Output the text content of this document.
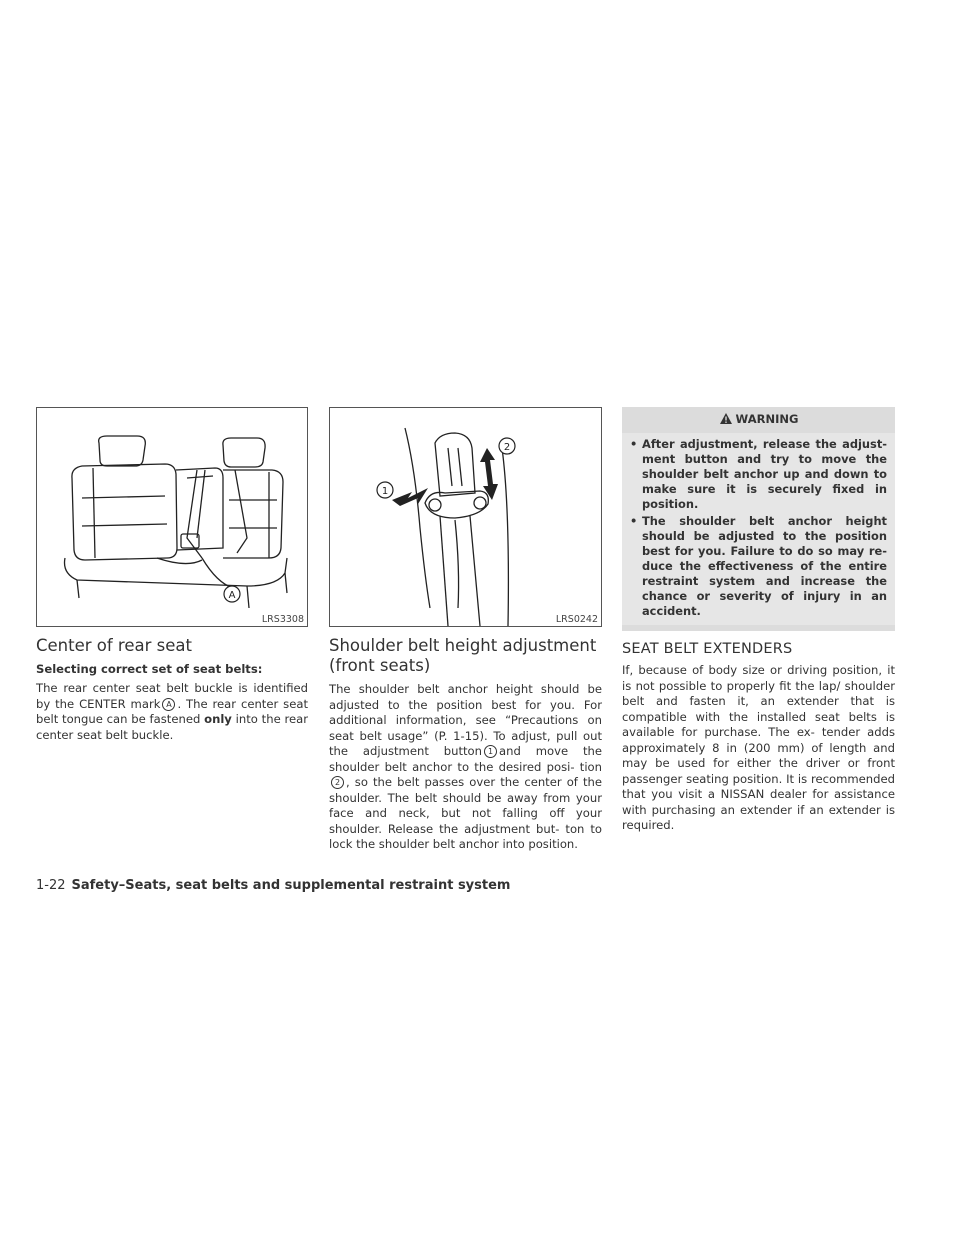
A
LRS3308
Center of rear seat
Selecting correct set of seat belts:

The rear center seat belt buckle is identified by the CENTER mark A . The rear center seat belt tongue can be fastened only into the rear center seat belt buckle.

1
2
LRS0242
Shoulder belt height adjustment (front seats)

The shoulder belt anchor height should be adjusted to the position best for you. For additional information, see “Precautions on seat belt usage” (P. 1-15). To adjust, pull out the adjustment button 1 and move the shoulder belt anchor to the desired posi- tion2 , so the belt passes over the center of the shoulder. The belt should be away from your face and neck, but not falling off your shoulder. Release the adjustment but- ton to lock the shoulder belt anchor into position.

WARNING
• After adjustment, release the adjust- ment button and try to move the shoulder belt anchor up and down to make sure it is securely fixed in position.
• The shoulder belt anchor height should be adjusted to the position best for you. Failure to do so may re- duce the effectiveness of the entire restraint system and increase the chance or severity of injury in an accident.
SEAT BELT EXTENDERS

If, because of body size or driving position, it is not possible to properly fit the lap/ shoulder belt and fasten it, an extender that is compatible with the installed seat belts is available for purchase. The ex- tender adds approximately 8 in (200 mm) of length and may be used for either the driver or front passenger seating position. It is recommended that you visit a NISSAN dealer for assistance with purchasing an extender if an extender is required.

1-22 Safety–Seats, seat belts and supplemental restraint system
